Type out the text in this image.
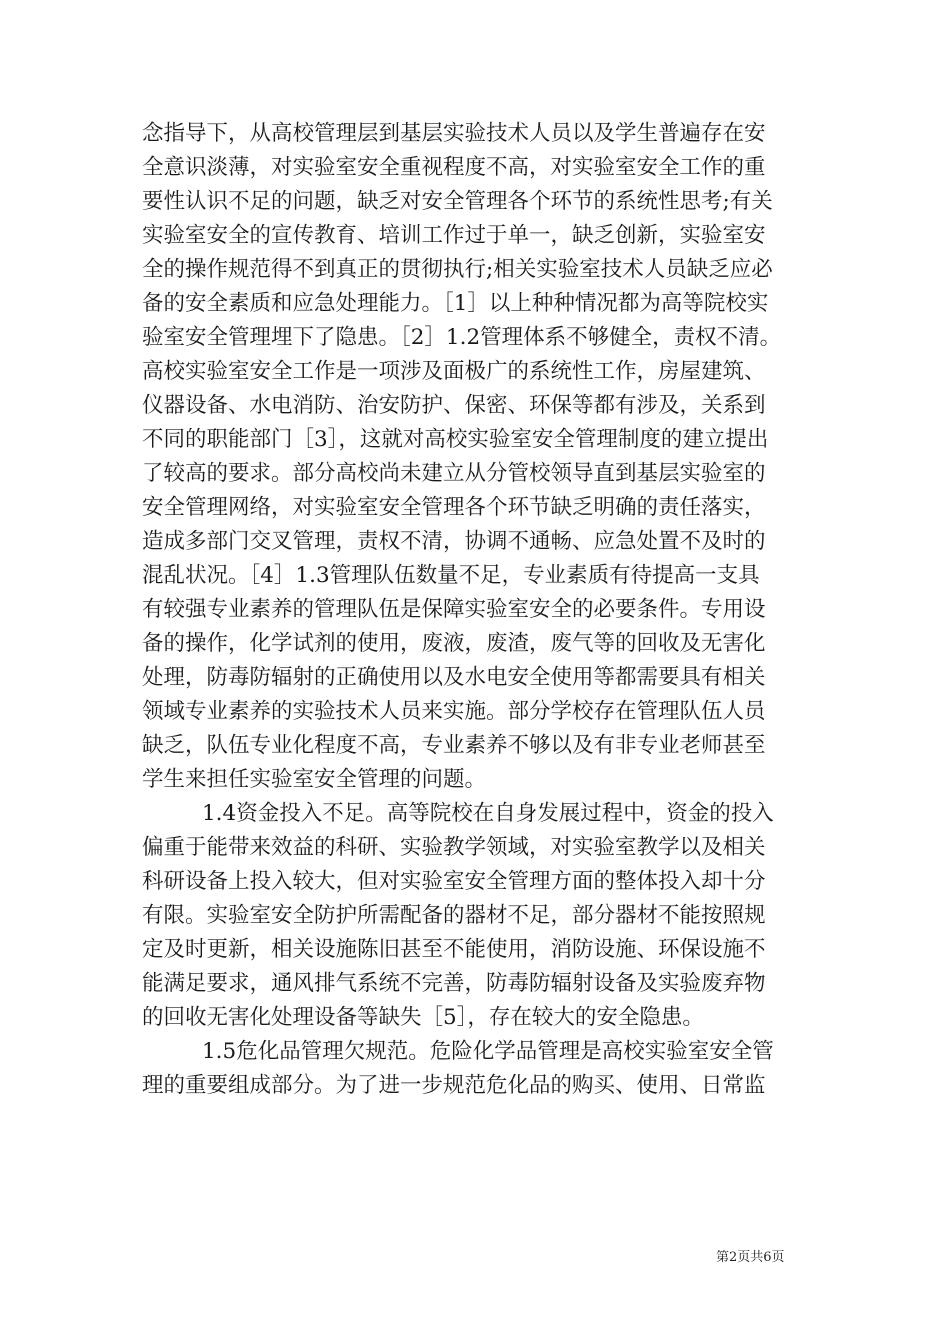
念指导下，从高校管理层到基层实验技术人员以及学生普遍存在安
全意识淡薄，对实验室安全重视程度不高，对实验室安全工作的重
要性认识不足的问题，缺乏对安全管理各个环节的系统性思考;有关
实验室安全的宣传教育、培训工作过于单一，缺乏创新，实验室安
全的操作规范得不到真正的贯彻执行;相关实验室技术人员缺乏应必
备的安全素质和应急处理能力。［1］以上种种情况都为高等院校实
验室安全管理埋下了隐患。［2］1.2管理体系不够健全，责权不清。
高校实验室安全工作是一项涉及面极广的系统性工作，房屋建筑、
仪器设备、水电消防、治安防护、保密、环保等都有涉及，关系到
不同的职能部门［3］，这就对高校实验室安全管理制度的建立提出
了较高的要求。部分高校尚未建立从分管校领导直到基层实验室的
安全管理网络，对实验室安全管理各个环节缺乏明确的责任落实，
造成多部门交叉管理，责权不清，协调不通畅、应急处置不及时的
混乱状况。［4］1.3管理队伍数量不足，专业素质有待提高一支具
有较强专业素养的管理队伍是保障实验室安全的必要条件。专用设
备的操作，化学试剂的使用，废液，废渣，废气等的回收及无害化
处理，防毒防辐射的正确使用以及水电安全使用等都需要具有相关
领域专业素养的实验技术人员来实施。部分学校存在管理队伍人员
缺乏，队伍专业化程度不高，专业素养不够以及有非专业老师甚至
学生来担任实验室安全管理的问题。
1.4资金投入不足。高等院校在自身发展过程中，资金的投入
偏重于能带来效益的科研、实验教学领域，对实验室教学以及相关
科研设备上投入较大，但对实验室安全管理方面的整体投入却十分
有限。实验室安全防护所需配备的器材不足，部分器材不能按照规
定及时更新，相关设施陈旧甚至不能使用，消防设施、环保设施不
能满足要求，通风排气系统不完善，防毒防辐射设备及实验废弃物
的回收无害化处理设备等缺失［5］，存在较大的安全隐患。
1.5危化品管理欠规范。危险化学品管理是高校实验室安全管
理的重要组成部分。为了进一步规范危化品的购买、使用、日常监
第2页共6页
